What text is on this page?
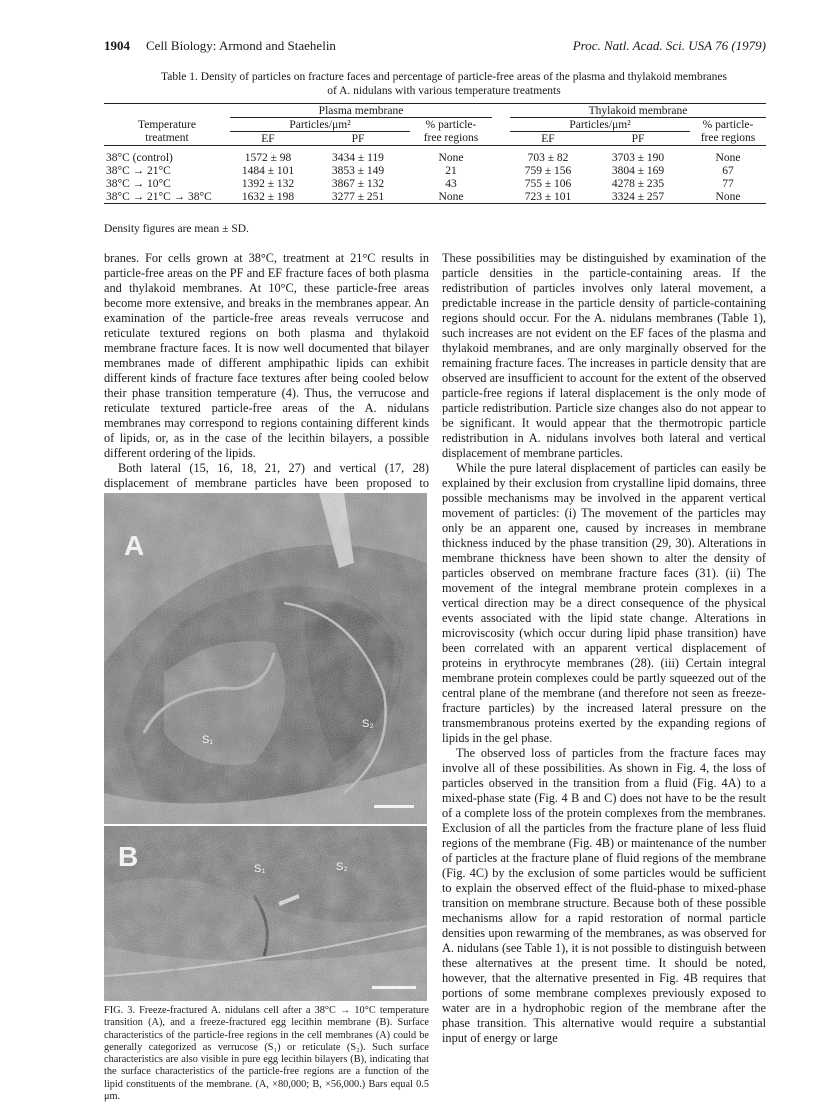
1904 Cell Biology: Armond and Staehelin	Proc. Natl. Acad. Sci. USA 76 (1979)
Table 1. Density of particles on fracture faces and percentage of particle-free areas of the plasma and thylakoid membranes
of A. nidulans with various temperature treatments
	Plasma membrane				Thylakoid membrane		
Temperature	Particles/μm²		% particle-		Particles/μm²		% particle-
treatment	EF	PF	free regions		EF	PF	free regions

38°C (control)	1572 ± 98	3434 ± 119	None		703 ± 82	3703 ± 190	None
38°C → 21°C	1484 ± 101	3853 ± 149	21		759 ± 156	3804 ± 169	67
38°C → 10°C	1392 ± 132	3867 ± 132	43		755 ± 106	4278 ± 235	77
38°C → 21°C → 38°C	1632 ± 198	3277 ± 251	None		723 ± 101	3324 ± 257	None
Density figures are mean ± SD.

branes. For cells grown at 38°C, treatment at 21°C results in particle-free areas on the PF and EF fracture faces of both plasma and thylakoid membranes. At 10°C, these particle-free areas become more extensive, and breaks in the membranes appear. An examination of the particle-free areas reveals verrucose and reticulate textured regions on both plasma and thylakoid membrane fracture faces. It is now well documented that bilayer membranes made of different amphipathic lipids can exhibit different kinds of fracture face textures after being cooled below their phase transition temperature (4). Thus, the verrucose and reticulate textured particle-free areas of the A. nidulans membranes may correspond to regions containing different kinds of lipids, or, as in the case of the lecithin bilayers, a possible different ordering of the lipids.

Both lateral (15, 16, 18, 21, 27) and vertical (17, 28) displacement of membrane particles have been proposed to

A
S₁
S₂
B	S₁	S₂
FIG. 3. Freeze-fractured A. nidulans cell after a 38°C → 10°C temperature transition (A), and a freeze-fractured egg lecithin membrane (B). Surface characteristics of the particle-free regions in the cell membranes (A) could be generally categorized as verrucose (S₁) or reticulate (S₂). Such surface characteristics are also visible in pure egg lecithin bilayers (B), indicating that the surface characteristics of the particle-free regions are a function of the lipid constituents of the membrane. (A, ×80,000; B, ×56,000.) Bars equal 0.5 μm.

These possibilities may be distinguished by examination of the particle densities in the particle-containing areas. If the redistribution of particles involves only lateral movement, a predictable increase in the particle density of particle-containing regions should occur. For the A. nidulans membranes (Table 1), such increases are not evident on the EF faces of the plasma and thylakoid membranes, and are only marginally observed for the remaining fracture faces. The increases in particle density that are observed are insufficient to account for the extent of the observed particle-free regions if lateral displacement is the only mode of particle redistribution. Particle size changes also do not appear to be significant. It would appear that the thermotropic particle redistribution in A. nidulans involves both lateral and vertical displacement of membrane particles.

While the pure lateral displacement of particles can easily be explained by their exclusion from crystalline lipid domains, three possible mechanisms may be involved in the apparent vertical movement of particles: (i) The movement of the particles may only be an apparent one, caused by increases in membrane thickness induced by the phase transition (29, 30). Alterations in membrane thickness have been shown to alter the density of particles observed on membrane fracture faces (31). (ii) The movement of the integral membrane protein complexes in a vertical direction may be a direct consequence of the physical events associated with the lipid state change. Alterations in microviscosity (which occur during lipid phase transition) have been correlated with an apparent vertical displacement of proteins in erythrocyte membranes (28). (iii) Certain integral membrane protein complexes could be partly squeezed out of the central plane of the membrane (and therefore not seen as freeze-fracture particles) by the increased lateral pressure on the transmembranous proteins exerted by the expanding regions of lipids in the gel phase.

The observed loss of particles from the fracture faces may involve all of these possibilities. As shown in Fig. 4, the loss of particles observed in the transition from a fluid (Fig. 4A) to a mixed-phase state (Fig. 4 B and C) does not have to be the result of a complete loss of the protein complexes from the membranes. Exclusion of all the particles from the fracture plane of less fluid regions of the membrane (Fig. 4B) or maintenance of the number of particles at the fracture plane of fluid regions of the membrane (Fig. 4C) by the exclusion of some particles would be sufficient to explain the observed effect of the fluid-phase to mixed-phase transition on membrane structure. Because both of these possible mechanisms allow for a rapid restoration of normal particle densities upon rewarming of the membranes, as was observed for A. nidulans (see Table 1), it is not possible to distinguish between these alternatives at the present time. It should be noted, however, that the alternative presented in Fig. 4B requires that portions of some membrane complexes previously exposed to water are in a hydrophobic region of the membrane after the phase transition. This alternative would require a substantial input of energy or large
